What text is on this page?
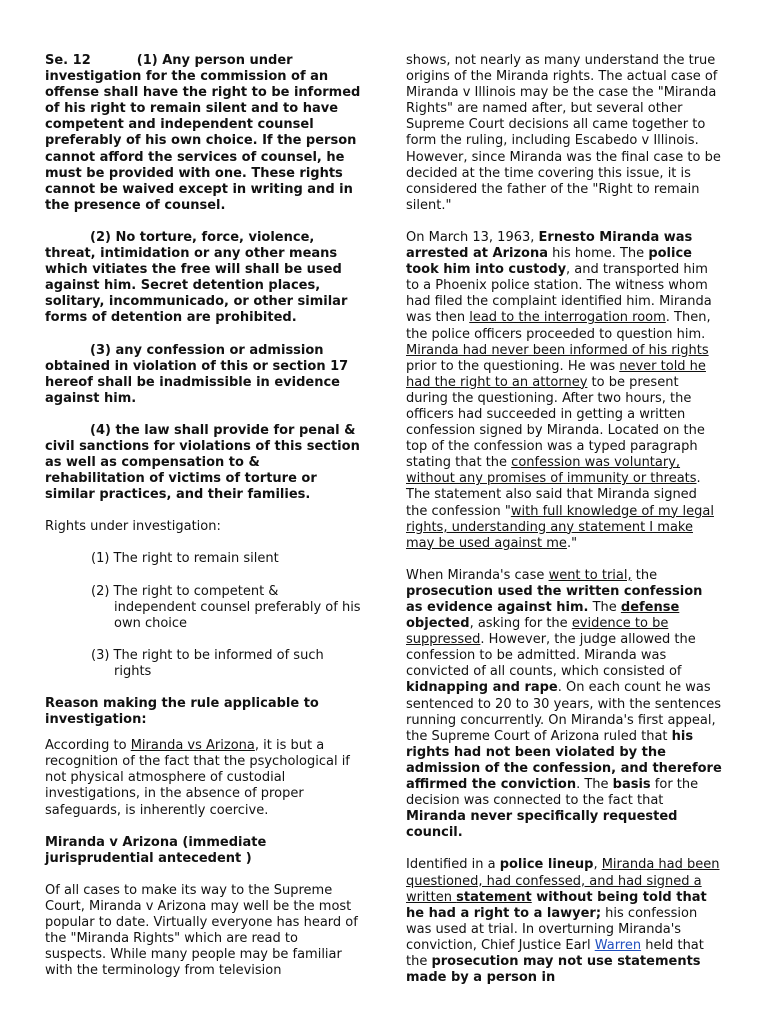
Se. 12	(1) Any person under investigation for the commission of an offense shall have the right to be informed of his right to remain silent and to have competent and independent counsel preferably of his own choice. If the person cannot afford the services of counsel, he must be provided with one. These rights cannot be waived except in writing and in the presence of counsel.

(2) No torture, force, violence, threat, intimidation or any other means which vitiates the free will shall be used against him. Secret detention places, solitary, incommunicado, or other similar forms of detention are prohibited.

(3) any confession or admission obtained in violation of this or section 17 hereof shall be inadmissible in evidence against him.

(4) the law shall provide for penal & civil sanctions for violations of this section as well as compensation to & rehabilitation of victims of torture or similar practices, and their families.

Rights under investigation:

(1) The right to remain silent
(2) The right to competent & independent counsel preferably of his own choice
(3) The right to be informed of such rights

Reason making the rule applicable to investigation:

According to Miranda vs Arizona, it is but a recognition of the fact that the psychological if not physical atmosphere of custodial investigations, in the absence of proper safeguards, is inherently coercive.

Miranda v Arizona (immediate jurisprudential antecedent )

Of all cases to make its way to the Supreme Court, Miranda v Arizona may well be the most popular to date. Virtually everyone has heard of the "Miranda Rights" which are read to suspects. While many people may be familiar with the terminology from television

shows, not nearly as many understand the true origins of the Miranda rights. The actual case of Miranda v Illinois may be the case the "Miranda Rights" are named after, but several other Supreme Court decisions all came together to form the ruling, including Escabedo v Illinois. However, since Miranda was the final case to be decided at the time covering this issue, it is considered the father of the "Right to remain silent."

On March 13, 1963, Ernesto Miranda was arrested at Arizona his home. The police took him into custody, and transported him to a Phoenix police station. The witness whom had filed the complaint identified him. Miranda was then lead to the interrogation room. Then, the police officers proceeded to question him. Miranda had never been informed of his rights prior to the questioning. He was never told he had the right to an attorney to be present during the questioning. After two hours, the officers had succeeded in getting a written confession signed by Miranda. Located on the top of the confession was a typed paragraph stating that the confession was voluntary, without any promises of immunity or threats. The statement also said that Miranda signed the confession "with full knowledge of my legal rights, understanding any statement I make may be used against me."

When Miranda's case went to trial, the prosecution used the written confession as evidence against him. The defense objected, asking for the evidence to be suppressed. However, the judge allowed the confession to be admitted. Miranda was convicted of all counts, which consisted of kidnapping and rape. On each count he was sentenced to 20 to 30 years, with the sentences running concurrently. On Miranda's first appeal, the Supreme Court of Arizona ruled that his rights had not been violated by the admission of the confession, and therefore affirmed the conviction. The basis for the decision was connected to the fact that Miranda never specifically requested council.

Identified in a police lineup, Miranda had been questioned, had confessed, and had signed a written statement without being told that he had a right to a lawyer; his confession was used at trial. In overturning Miranda's conviction, Chief Justice Earl Warren held that the prosecution may not use statements made by a person in
